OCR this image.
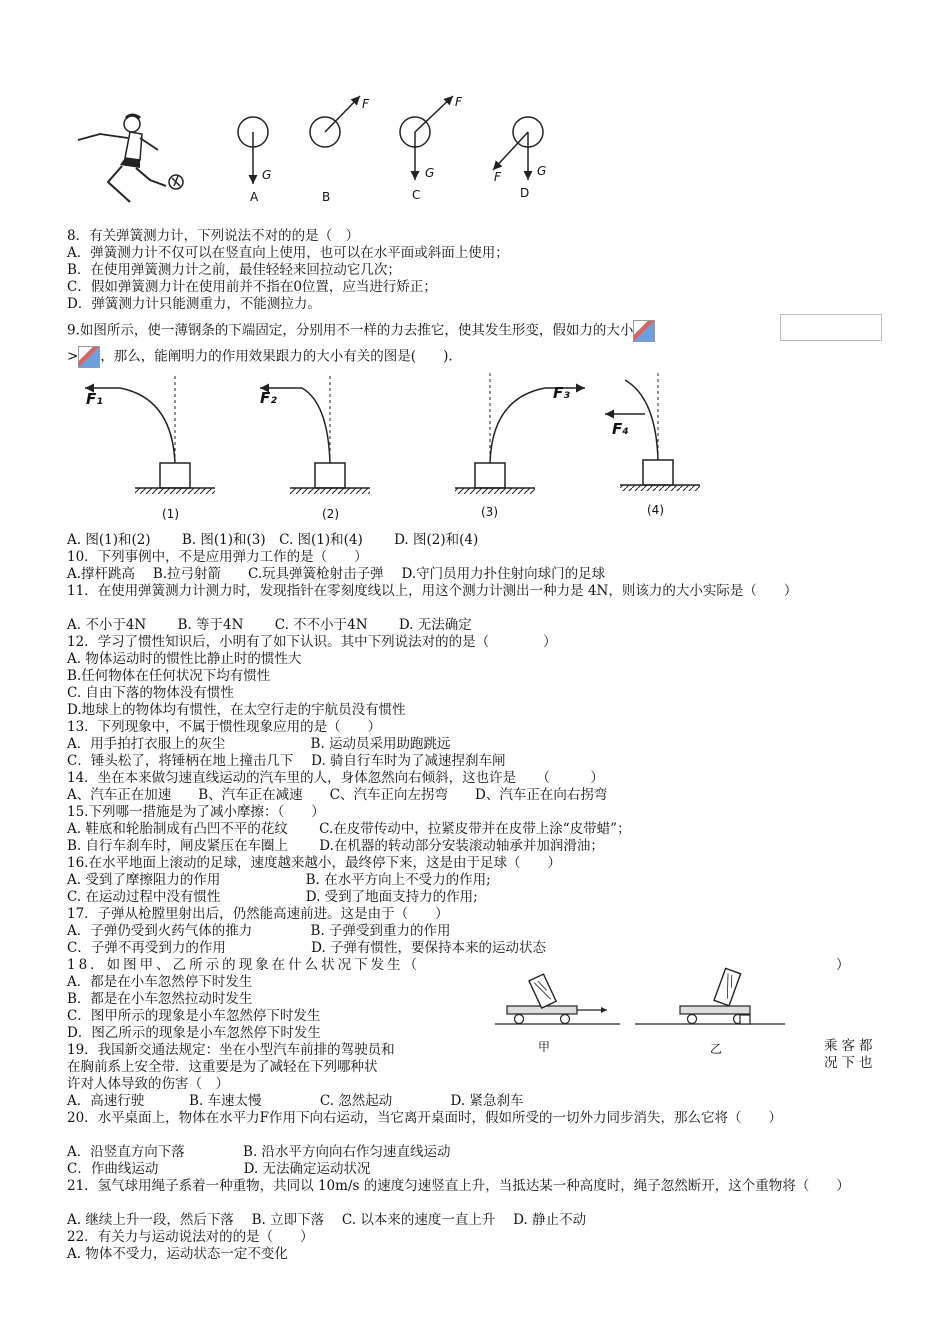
A	B	C	D
G
F	F
G	F	G
8．有关弹簧测力计，下列说法不对的的是（　）
A．弹簧测力计不仅可以在竖直向上使用，也可以在水平面或斜面上使用；
B．在使用弹簧测力计之前，最佳轻轻来回拉动它几次；
C．假如弹簧测力计在使用前并不指在0位置，应当进行矫正；
D．弹簧测力计只能测重力，不能测拉力。
9.如图所示，使一薄钢条的下端固定，分别用不一样的力去推它，使其发生形变，假如力的大小
> ，那么，能阐明力的作用效果跟力的大小有关的图是(　　).
F₁	F₂	F₃
F₄
(1)	(2)	(3)	(4)
A. 图(1)和(2)　　 B. 图(1)和(3)　C. 图(1)和(4)　　 D. 图(2)和(4)
10．下列事例中，不是应用弹力工作的是（　　）
A.撑杆跳高　 B.拉弓射箭　　C.玩具弹簧枪射击子弹　 D.守门员用力扑住射向球门的足球
11．在使用弹簧测力计测力时，发现指针在零刻度线以上，用这个测力计测出一种力是 4N，则该力的大小实际是（　　）
A. 不小于4N　　 B. 等于4N　　 C. 不不小于4N　　 D. 无法确定
12．学习了惯性知识后，小明有了如下认识。其中下列说法对的的是（　　　　）
A. 物体运动时的惯性比静止时的惯性大
B.任何物体在任何状况下均有惯性
C. 自由下落的物体没有惯性
D.地球上的物体均有惯性，在太空行走的宇航员没有惯性
13．下列现象中，不属于惯性现象应用的是（　　）
A．用手拍打衣服上的灰尘　　　　　　 B. 运动员采用助跑跳远
C．锤头松了，将锤柄在地上撞击几下　 D. 骑自行车时为了减速捏刹车闸
14．坐在本来做匀速直线运动的汽车里的人，身体忽然向右倾斜，这也许是　　（　　　）
A、汽车正在加速　　B、汽车正在减速　　C、汽车正向左拐弯　　D、汽车正在向右拐弯
15.下列哪一措施是为了减小摩擦：（　　）
A. 鞋底和轮胎制成有凸凹不平的花纹　　 C.在皮带传动中，拉紧皮带并在皮带上涂“皮带蜡”；
B. 自行车刹车时，闸皮紧压在车圈上　　 D.在机器的转动部分安装滚动轴承并加润滑油；
16.在水平地面上滚动的足球，速度越来越小，最终停下来，这是由于足球（　　）
A. 受到了摩擦阻力的作用　　　　　　 B. 在水平方向上不受力的作用;
C. 在运动过程中没有惯性　　　　　　 D. 受到了地面支持力的作用;
17．子弹从枪膛里射出后，仍然能高速前进。这是由于（　　）
A．子弹仍受到火药气体的推力　　　　 B. 子弹受到重力的作用
C．子弹不再受到力的作用　　　　　　 D. 子弹有惯性，要保持本来的运动状态
18．如图甲、乙所示的现象在什么状况下发生（	）
A．都是在小车忽然停下时发生
B．都是在小车忽然拉动时发生
C．图甲所示的现象是小车忽然停下时发生
D．图乙所示的现象是小车忽然停下时发生
甲	乙
19．我国新交通法规定：坐在小型汽车前排的驾驶员和	乘客都
在胸前系上安全带．这重要是为了减轻在下列哪种状	况下也
许对人体导致的伤害（　）
A．高速行驶　　　 B. 车速太慢　　　　 C. 忽然起动　　　　 D. 紧急刹车
20．水平桌面上，物体在水平力F作用下向右运动，当它离开桌面时，假如所受的一切外力同步消失，那么它将（　　）
A．沿竖直方向下落　　　　 B. 沿水平方向向右作匀速直线运动
C．作曲线运动　　　　　　 D. 无法确定运动状况
21．氢气球用绳子系着一种重物，共同以 10m/s 的速度匀速竖直上升，当抵达某一种高度时，绳子忽然断开，这个重物将（　　）
A. 继续上升一段，然后下落　 B. 立即下落　 C. 以本来的速度一直上升　 D. 静止不动
22．有关力与运动说法对的的是（　　）
A. 物体不受力，运动状态一定不变化
